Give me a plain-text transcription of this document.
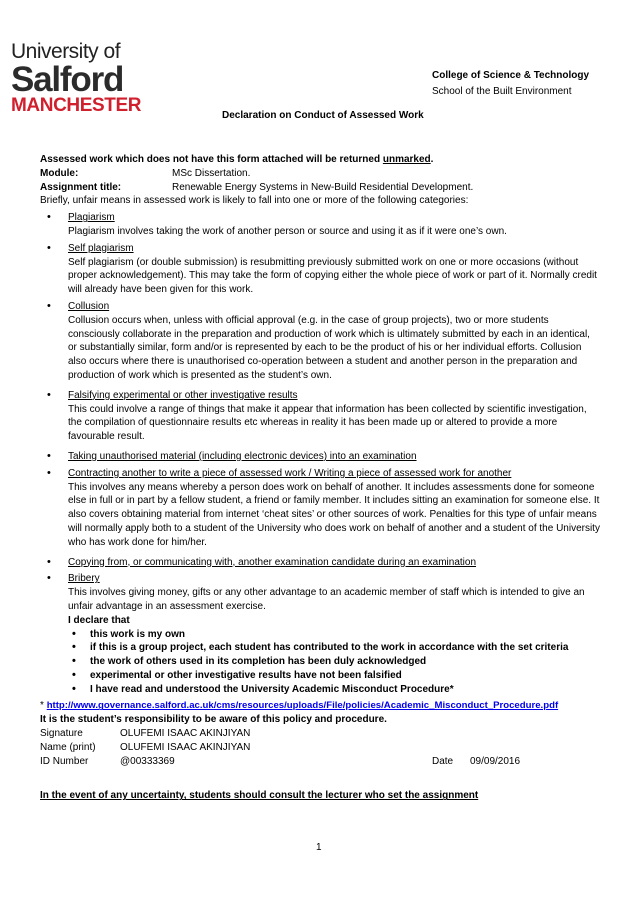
University of
Salford
MANCHESTER
College of Science & Technology
School of the Built Environment
Declaration on Conduct of Assessed Work
Assessed work which does not have this form attached will be returned unmarked.
Module:	MSc Dissertation.
Assignment title:	Renewable Energy Systems in New-Build Residential Development.
Briefly, unfair means in assessed work is likely to fall into one or more of the following categories:
• Plagiarism
Plagiarism involves taking the work of another person or source and using it as if it were one’s own.
• Self plagiarism
Self plagiarism (or double submission) is resubmitting previously submitted work on one or more occasions (without proper acknowledgement). This may take the form of copying either the whole piece of work or part of it. Normally credit will already have been given for this work.
• Collusion
Collusion occurs when, unless with official approval (e.g. in the case of group projects), two or more students consciously collaborate in the preparation and production of work which is ultimately submitted by each in an identical, or substantially similar, form and/or is represented by each to be the product of his or her individual efforts. Collusion also occurs where there is unauthorised co-operation between a student and another person in the preparation and production of work which is presented as the student’s own.
• Falsifying experimental or other investigative results
This could involve a range of things that make it appear that information has been collected by scientific investigation, the compilation of questionnaire results etc whereas in reality it has been made up or altered to provide a more favourable result.
• Taking unauthorised material (including electronic devices) into an examination
• Contracting another to write a piece of assessed work / Writing a piece of assessed work for another
This involves any means whereby a person does work on behalf of another. It includes assessments done for someone else in full or in part by a fellow student, a friend or family member. It includes sitting an examination for someone else. It also covers obtaining material from internet ‘cheat sites’ or other sources of work. Penalties for this type of unfair means will normally apply both to a student of the University who does work on behalf of another and a student of the University who has work done for him/her.
• Copying from, or communicating with, another examination candidate during an examination
• Bribery
This involves giving money, gifts or any other advantage to an academic member of staff which is intended to give an unfair advantage in an assessment exercise.
I declare that
• this work is my own
• if this is a group project, each student has contributed to the work in accordance with the set criteria
• the work of others used in its completion has been duly acknowledged
• experimental or other investigative results have not been falsified
• I have read and understood the University Academic Misconduct Procedure*
* http://www.governance.salford.ac.uk/cms/resources/uploads/File/policies/Academic_Misconduct_Procedure.pdf
It is the student’s responsibility to be aware of this policy and procedure.
Signature	OLUFEMI ISAAC AKINJIYAN
Name (print)	OLUFEMI ISAAC AKINJIYAN
ID Number	@00333369	Date	09/09/2016
In the event of any uncertainty, students should consult the lecturer who set the assignment
1
